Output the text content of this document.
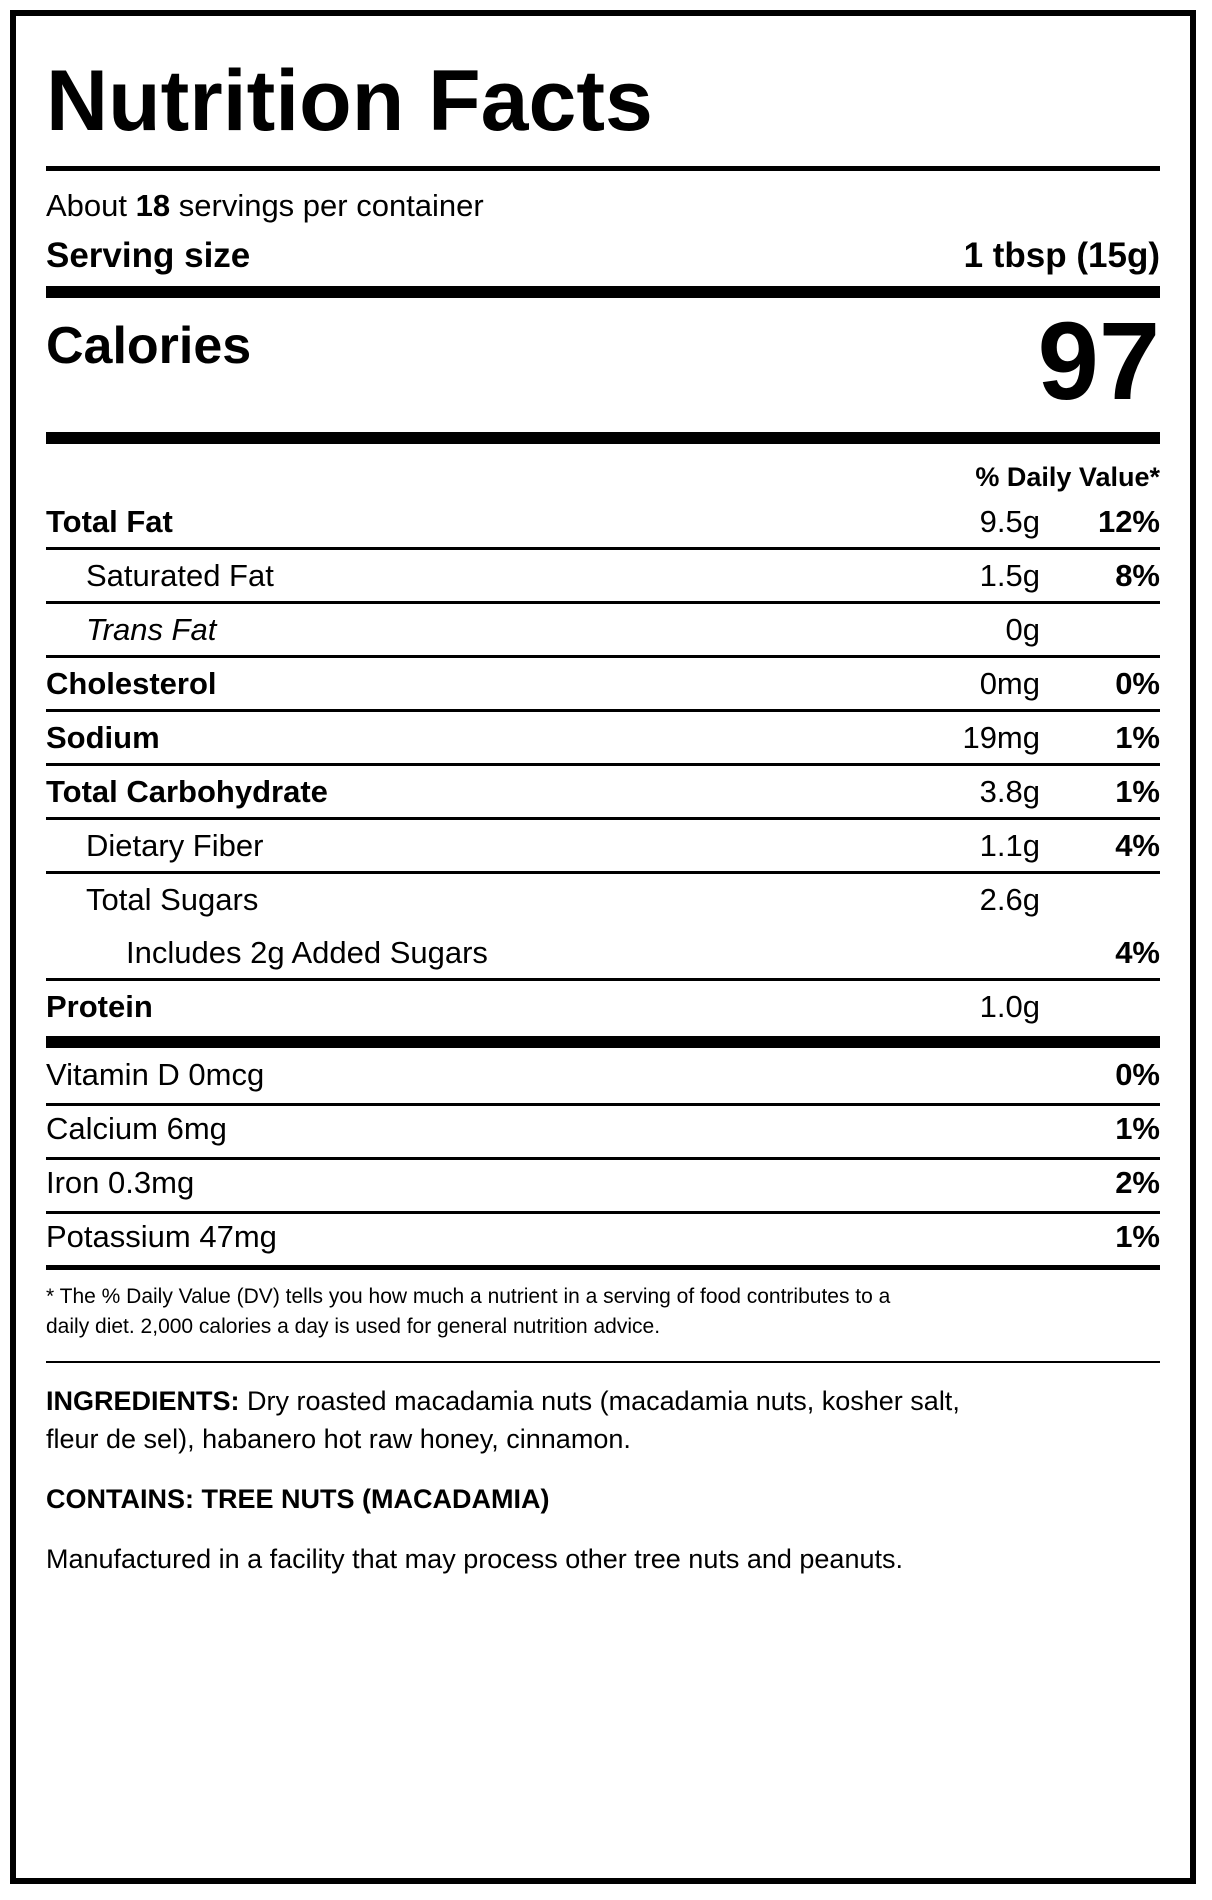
Nutrition Facts
About 18 servings per container
Serving size	1 tbsp (15g)
Calories	97
% Daily Value*
Total Fat	9.5g 12%
Saturated Fat	1.5g 8%
Trans Fat	0g
Cholesterol	0mg 0%
Sodium	19mg 1%
Total Carbohydrate	3.8g 1%
Dietary Fiber	1.1g 4%
Total Sugars	2.6g
Includes 2g Added Sugars	4%
Protein	1.0g
Vitamin D 0mcg	0%
Calcium 6mg	1%
Iron 0.3mg	2%
Potassium 47mg	1%
* The % Daily Value (DV) tells you how much a nutrient in a serving of food contributes to a daily diet. 2,000 calories a day is used for general nutrition advice.
INGREDIENTS: Dry roasted macadamia nuts (macadamia nuts, kosher salt, fleur de sel), habanero hot raw honey, cinnamon.
CONTAINS: TREE NUTS (MACADAMIA)
Manufactured in a facility that may process other tree nuts and peanuts.
